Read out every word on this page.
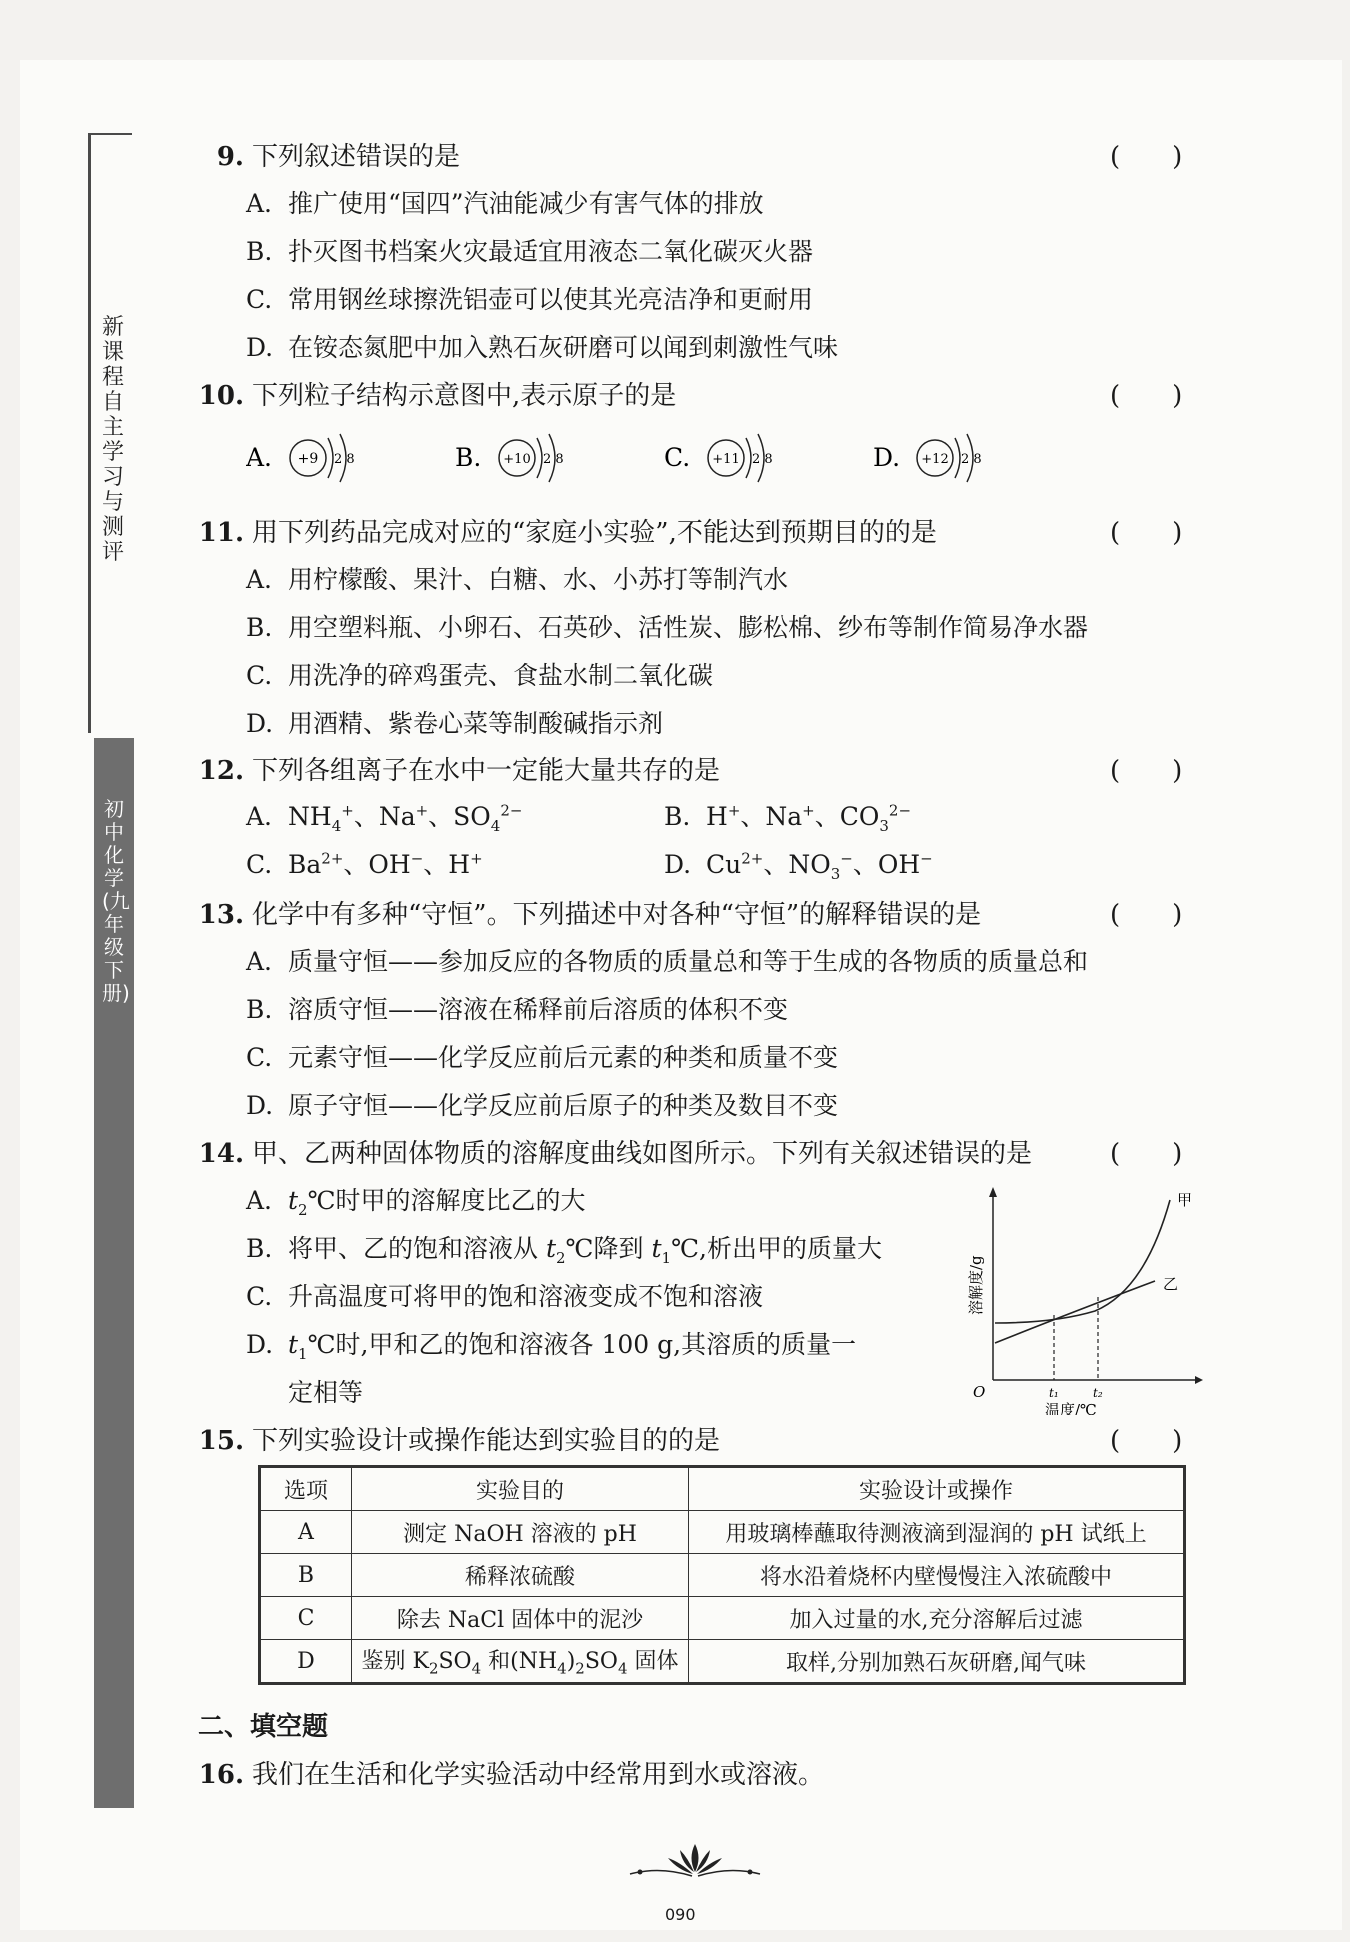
新课程自主学习与测评
初中化学(九年级下册)
9. 下列叙述错误的是	(　　)
A. 推广使用“国四”汽油能减少有害气体的排放
B. 扑灭图书档案火灾最适宜用液态二氧化碳灭火器
C. 常用钢丝球擦洗铝壶可以使其光亮洁净和更耐用
D. 在铵态氮肥中加入熟石灰研磨可以闻到刺激性气味
10. 下列粒子结构示意图中,表示原子的是	(　　)
A. +9 2 8	B. +10 2 8	C. +11 2 8	D. +12 2 8
11. 用下列药品完成对应的“家庭小实验”,不能达到预期目的的是	(　　)
A. 用柠檬酸、果汁、白糖、水、小苏打等制汽水
B. 用空塑料瓶、小卵石、石英砂、活性炭、膨松棉、纱布等制作简易净水器
C. 用洗净的碎鸡蛋壳、食盐水制二氧化碳
D. 用酒精、紫卷心菜等制酸碱指示剂
12. 下列各组离子在水中一定能大量共存的是	(　　)
A. $NH_4^+$、Na+、$SO_4^{2-}$	B. H+、Na+、$CO_3^{2-}$
C. $Ba^{2+}$、OH−、H+	D. $Cu^{2+}$、$NO_3^-$、OH−
13. 化学中有多种“守恒”。下列描述中对各种“守恒”的解释错误的是	(　　)
A. 质量守恒——参加反应的各物质的质量总和等于生成的各物质的质量总和
B. 溶质守恒——溶液在稀释前后溶质的体积不变
C. 元素守恒——化学反应前后元素的种类和质量不变
D. 原子守恒——化学反应前后原子的种类及数目不变
14. 甲、乙两种固体物质的溶解度曲线如图所示。下列有关叙述错误的是	(　　)
A. $t_2℃$时甲的溶解度比乙的大
B. 将甲、乙的饱和溶液从 $t_2℃$降到 $t_1℃$,析出甲的质量大
C. 升高温度可将甲的饱和溶液变成不饱和溶液
D. $t_1℃$时,甲和乙的饱和溶液各 100 g,其溶质的质量一
定相等
甲
乙
O	t₁	t₂
温度/℃
溶解度/g
15. 下列实验设计或操作能达到实验目的的是	(　　)
选项	实验目的	实验设计或操作
A	测定 NaOH 溶液的 pH	用玻璃棒蘸取待测液滴到湿润的 pH 试纸上
B	稀释浓硫酸	将水沿着烧杯内壁慢慢注入浓硫酸中
C	除去 NaCl 固体中的泥沙	加入过量的水,充分溶解后过滤
D	鉴别 $K_2SO_4$ 和$(NH_4)_2SO_4$ 固体	取样,分别加熟石灰研磨,闻气味
二、填空题
16. 我们在生活和化学实验活动中经常用到水或溶液。
090
